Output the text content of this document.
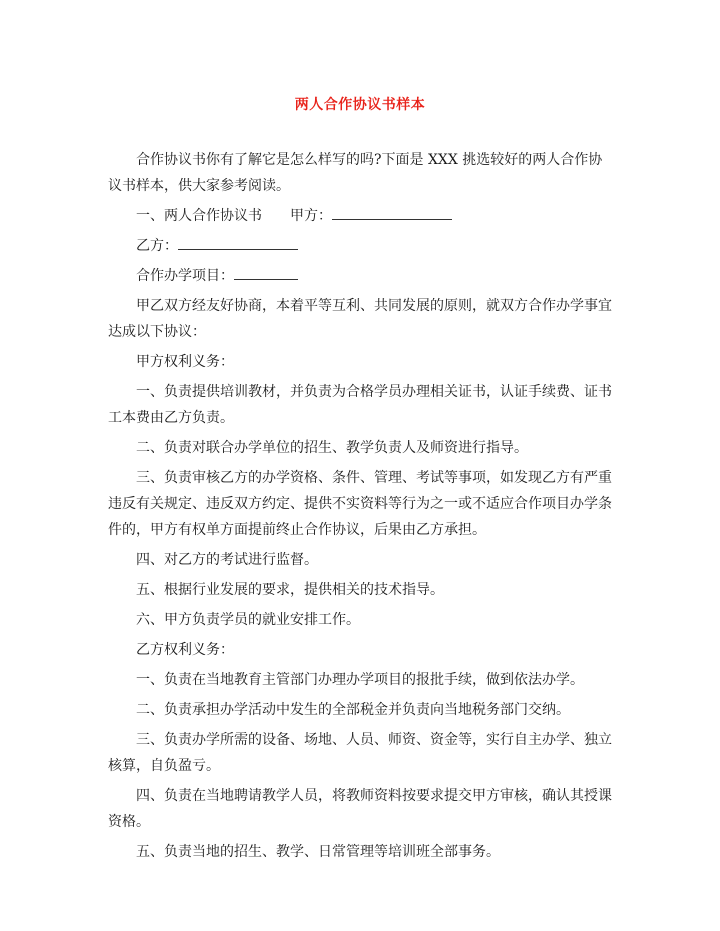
两人合作协议书样本

合作协议书你有了解它是怎么样写的吗?下面是 XXX 挑选较好的两人合作协议书样本，供大家参考阅读。

一、两人合作协议书 甲方：

乙方：

合作办学项目：

甲乙双方经友好协商，本着平等互利、共同发展的原则，就双方合作办学事宜达成以下协议：

甲方权利义务：

一、负责提供培训教材，并负责为合格学员办理相关证书，认证手续费、证书工本费由乙方负责。

二、负责对联合办学单位的招生、教学负责人及师资进行指导。

三、负责审核乙方的办学资格、条件、管理、考试等事项，如发现乙方有严重违反有关规定、违反双方约定、提供不实资料等行为之一或不适应合作项目办学条件的，甲方有权单方面提前终止合作协议，后果由乙方承担。

四、对乙方的考试进行监督。

五、根据行业发展的要求，提供相关的技术指导。

六、甲方负责学员的就业安排工作。

乙方权利义务：

一、负责在当地教育主管部门办理办学项目的报批手续，做到依法办学。

二、负责承担办学活动中发生的全部税金并负责向当地税务部门交纳。

三、负责办学所需的设备、场地、人员、师资、资金等，实行自主办学、独立核算，自负盈亏。

四、负责在当地聘请教学人员，将教师资料按要求提交甲方审核，确认其授课资格。

五、负责当地的招生、教学、日常管理等培训班全部事务。
